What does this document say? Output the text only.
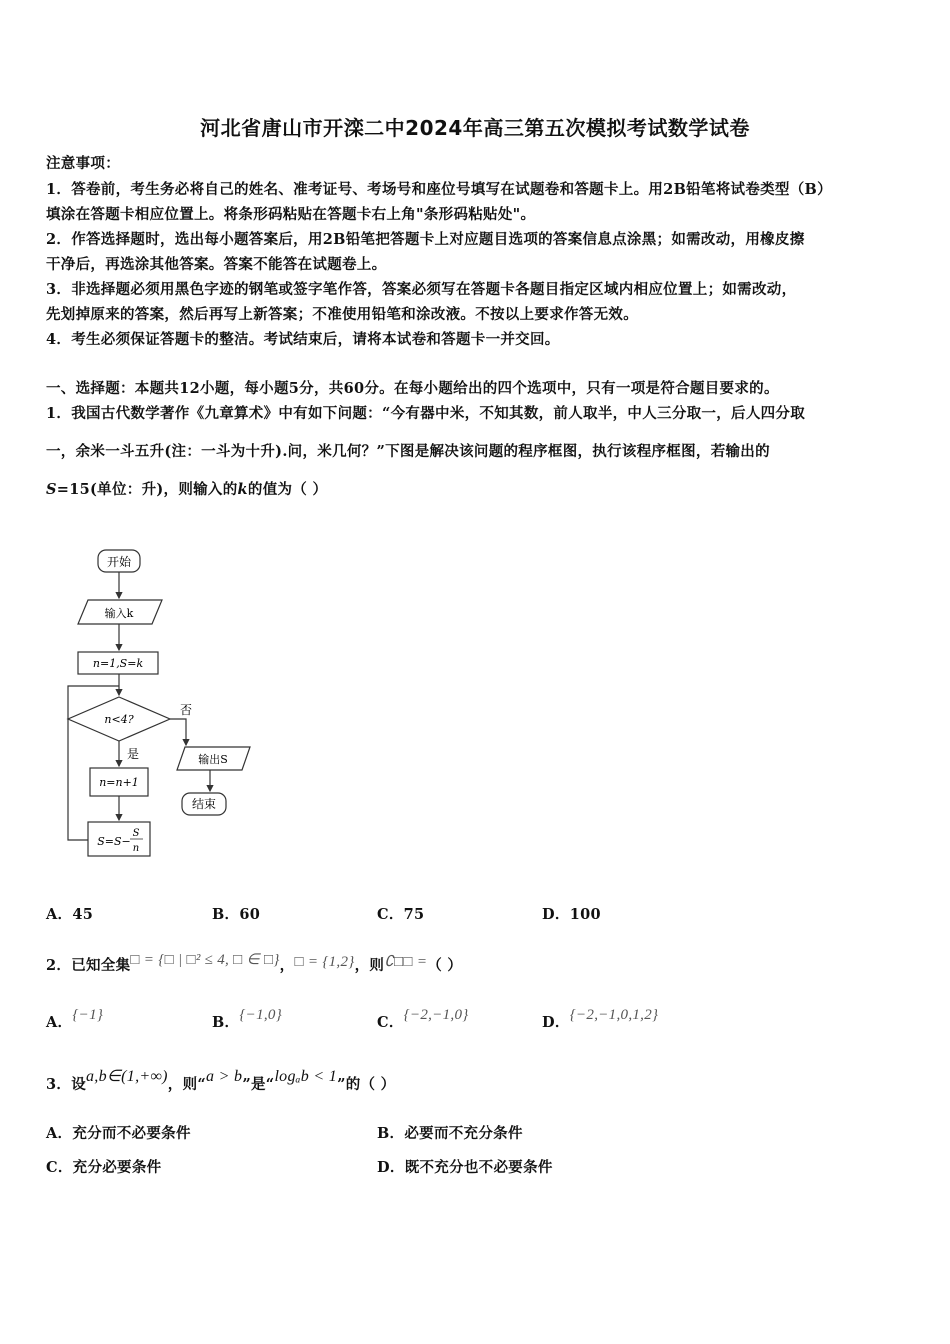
河北省唐山市开滦二中2024年高三第五次模拟考试数学试卷
注意事项：
1．答卷前，考生务必将自己的姓名、准考证号、考场号和座位号填写在试题卷和答题卡上。用2B铅笔将试卷类型（B）
填涂在答题卡相应位置上。将条形码粘贴在答题卡右上角"条形码粘贴处"。
2．作答选择题时，选出每小题答案后，用2B铅笔把答题卡上对应题目选项的答案信息点涂黑；如需改动，用橡皮擦
干净后，再选涂其他答案。答案不能答在试题卷上。
3．非选择题必须用黑色字迹的钢笔或签字笔作答，答案必须写在答题卡各题目指定区域内相应位置上；如需改动，
先划掉原来的答案，然后再写上新答案；不准使用铅笔和涂改液。不按以上要求作答无效。
4．考生必须保证答题卡的整洁。考试结束后，请将本试卷和答题卡一并交回。
一、选择题：本题共12小题，每小题5分，共60分。在每小题给出的四个选项中，只有一项是符合题目要求的。
1．我国古代数学著作《九章算术》中有如下问题：“今有器中米，不知其数，前人取半，中人三分取一，后人四分取
一，余米一斗五升(注：一斗为十升).问，米几何？”下图是解决该问题的程序框图，执行该程序框图，若输出的
S=15(单位：升)，则输入的k的值为（ ）
开始
输入k
n=1,S=k
n<4?
否
是
n=n+1
S=S−
S
n
输出S
结束
A．45	B．60	C．75	D．100
2．已知全集□ = {□ | □² ≤ 4, □ ∈ □}，□ = {1,2}，则∁□□ =（ ）
A．{−1}	B．{−1,0}	C．{−2,−1,0}	D．{−2,−1,0,1,2}
3．设a,b∈(1,+∞)，则“a > b”是“logₐb < 1”的（ ）
A．充分而不必要条件	B．必要而不充分条件
C．充分必要条件	D．既不充分也不必要条件
